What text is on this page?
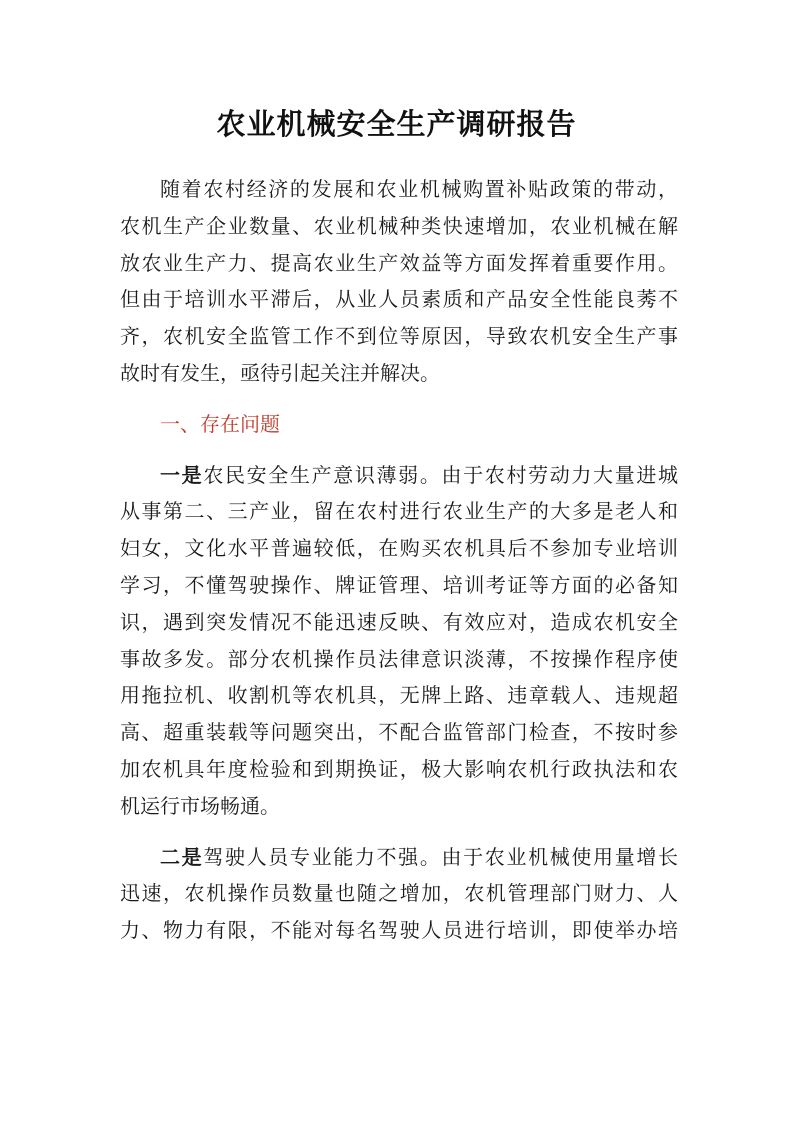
农业机械安全生产调研报告
随着农村经济的发展和农业机械购置补贴政策的带动，
农机生产企业数量、农业机械种类快速增加，农业机械在解
放农业生产力、提高农业生产效益等方面发挥着重要作用。
但由于培训水平滞后，从业人员素质和产品安全性能良莠不
齐，农机安全监管工作不到位等原因，导致农机安全生产事
故时有发生，亟待引起关注并解决。
一、存在问题
一是农民安全生产意识薄弱。由于农村劳动力大量进城
从事第二、三产业，留在农村进行农业生产的大多是老人和
妇女，文化水平普遍较低，在购买农机具后不参加专业培训
学习，不懂驾驶操作、牌证管理、培训考证等方面的必备知
识，遇到突发情况不能迅速反映、有效应对，造成农机安全
事故多发。部分农机操作员法律意识淡薄，不按操作程序使
用拖拉机、收割机等农机具，无牌上路、违章载人、违规超
高、超重装载等问题突出，不配合监管部门检查，不按时参
加农机具年度检验和到期换证，极大影响农机行政执法和农
机运行市场畅通。
二是驾驶人员专业能力不强。由于农业机械使用量增长
迅速，农机操作员数量也随之增加，农机管理部门财力、人
力、物力有限，不能对每名驾驶人员进行培训，即使举办培
